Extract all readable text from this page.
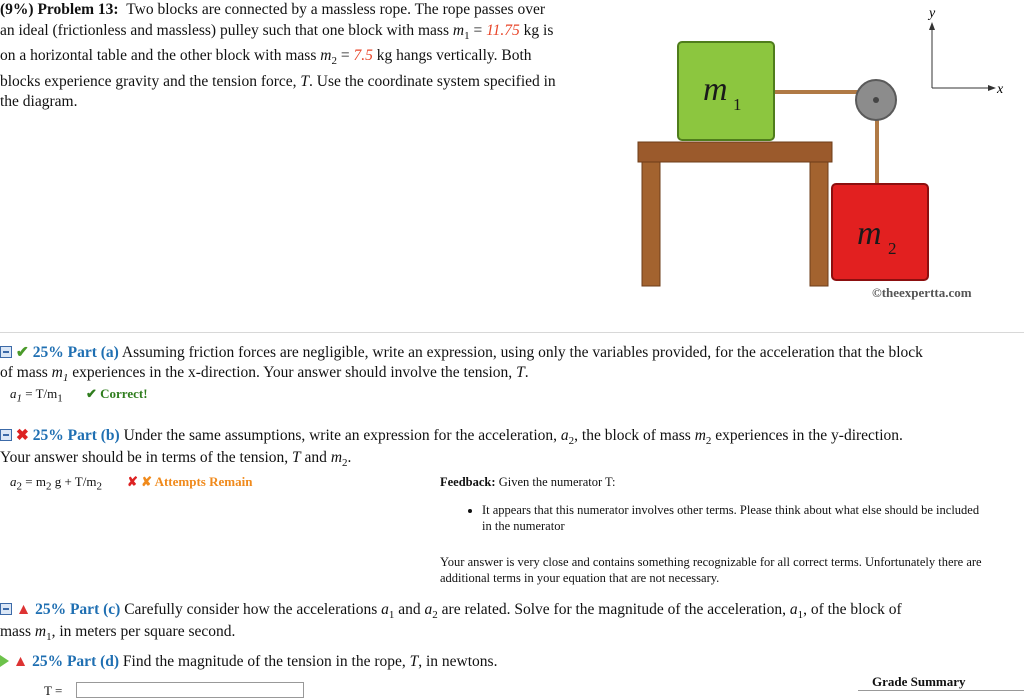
(9%) Problem 13: Two blocks are connected by a massless rope. The rope passes over
an ideal (frictionless and massless) pulley such that one block with mass $m_1 = 11.75$ kg is
on a horizontal table and the other block with mass $m_2 = 7.5$ kg hangs vertically. Both
blocks experience gravity and the tension force, T. Use the coordinate system specified in
the diagram.
y
x
m 1
m 2
©theexpertta.com
✔ 25% Part (a) Assuming friction forces are negligible, write an expression, using only the variables provided, for the acceleration that the block
of mass $m_1$ experiences in the x-direction. Your answer should involve the tension, T.
$a_1 = T/m_1$ ✔ Correct!
✖ 25% Part (b) Under the same assumptions, write an expression for the acceleration, $a_2$, the block of mass $m_2$ experiences in the y-direction.
Your answer should be in terms of the tension, T and $m_2$.
$a_2 = m_2$ $g + T/m_2$ ✘ ✘ Attempts Remain	Feedback: Given the numerator T:
• It appears that this numerator involves other terms. Please think about what else should be included in the numerator
Your answer is very close and contains something recognizable for all correct terms. Unfortunately there are additional terms in your equation that are not necessary.
▲ 25% Part (c) Carefully consider how the accelerations $a_1$ and $a_2$ are related. Solve for the magnitude of the acceleration, $a_1$, of the block of
mass $m_1$, in meters per square second.
▲ 25% Part (d) Find the magnitude of the tension in the rope, T, in newtons.
T =
Grade Summary
